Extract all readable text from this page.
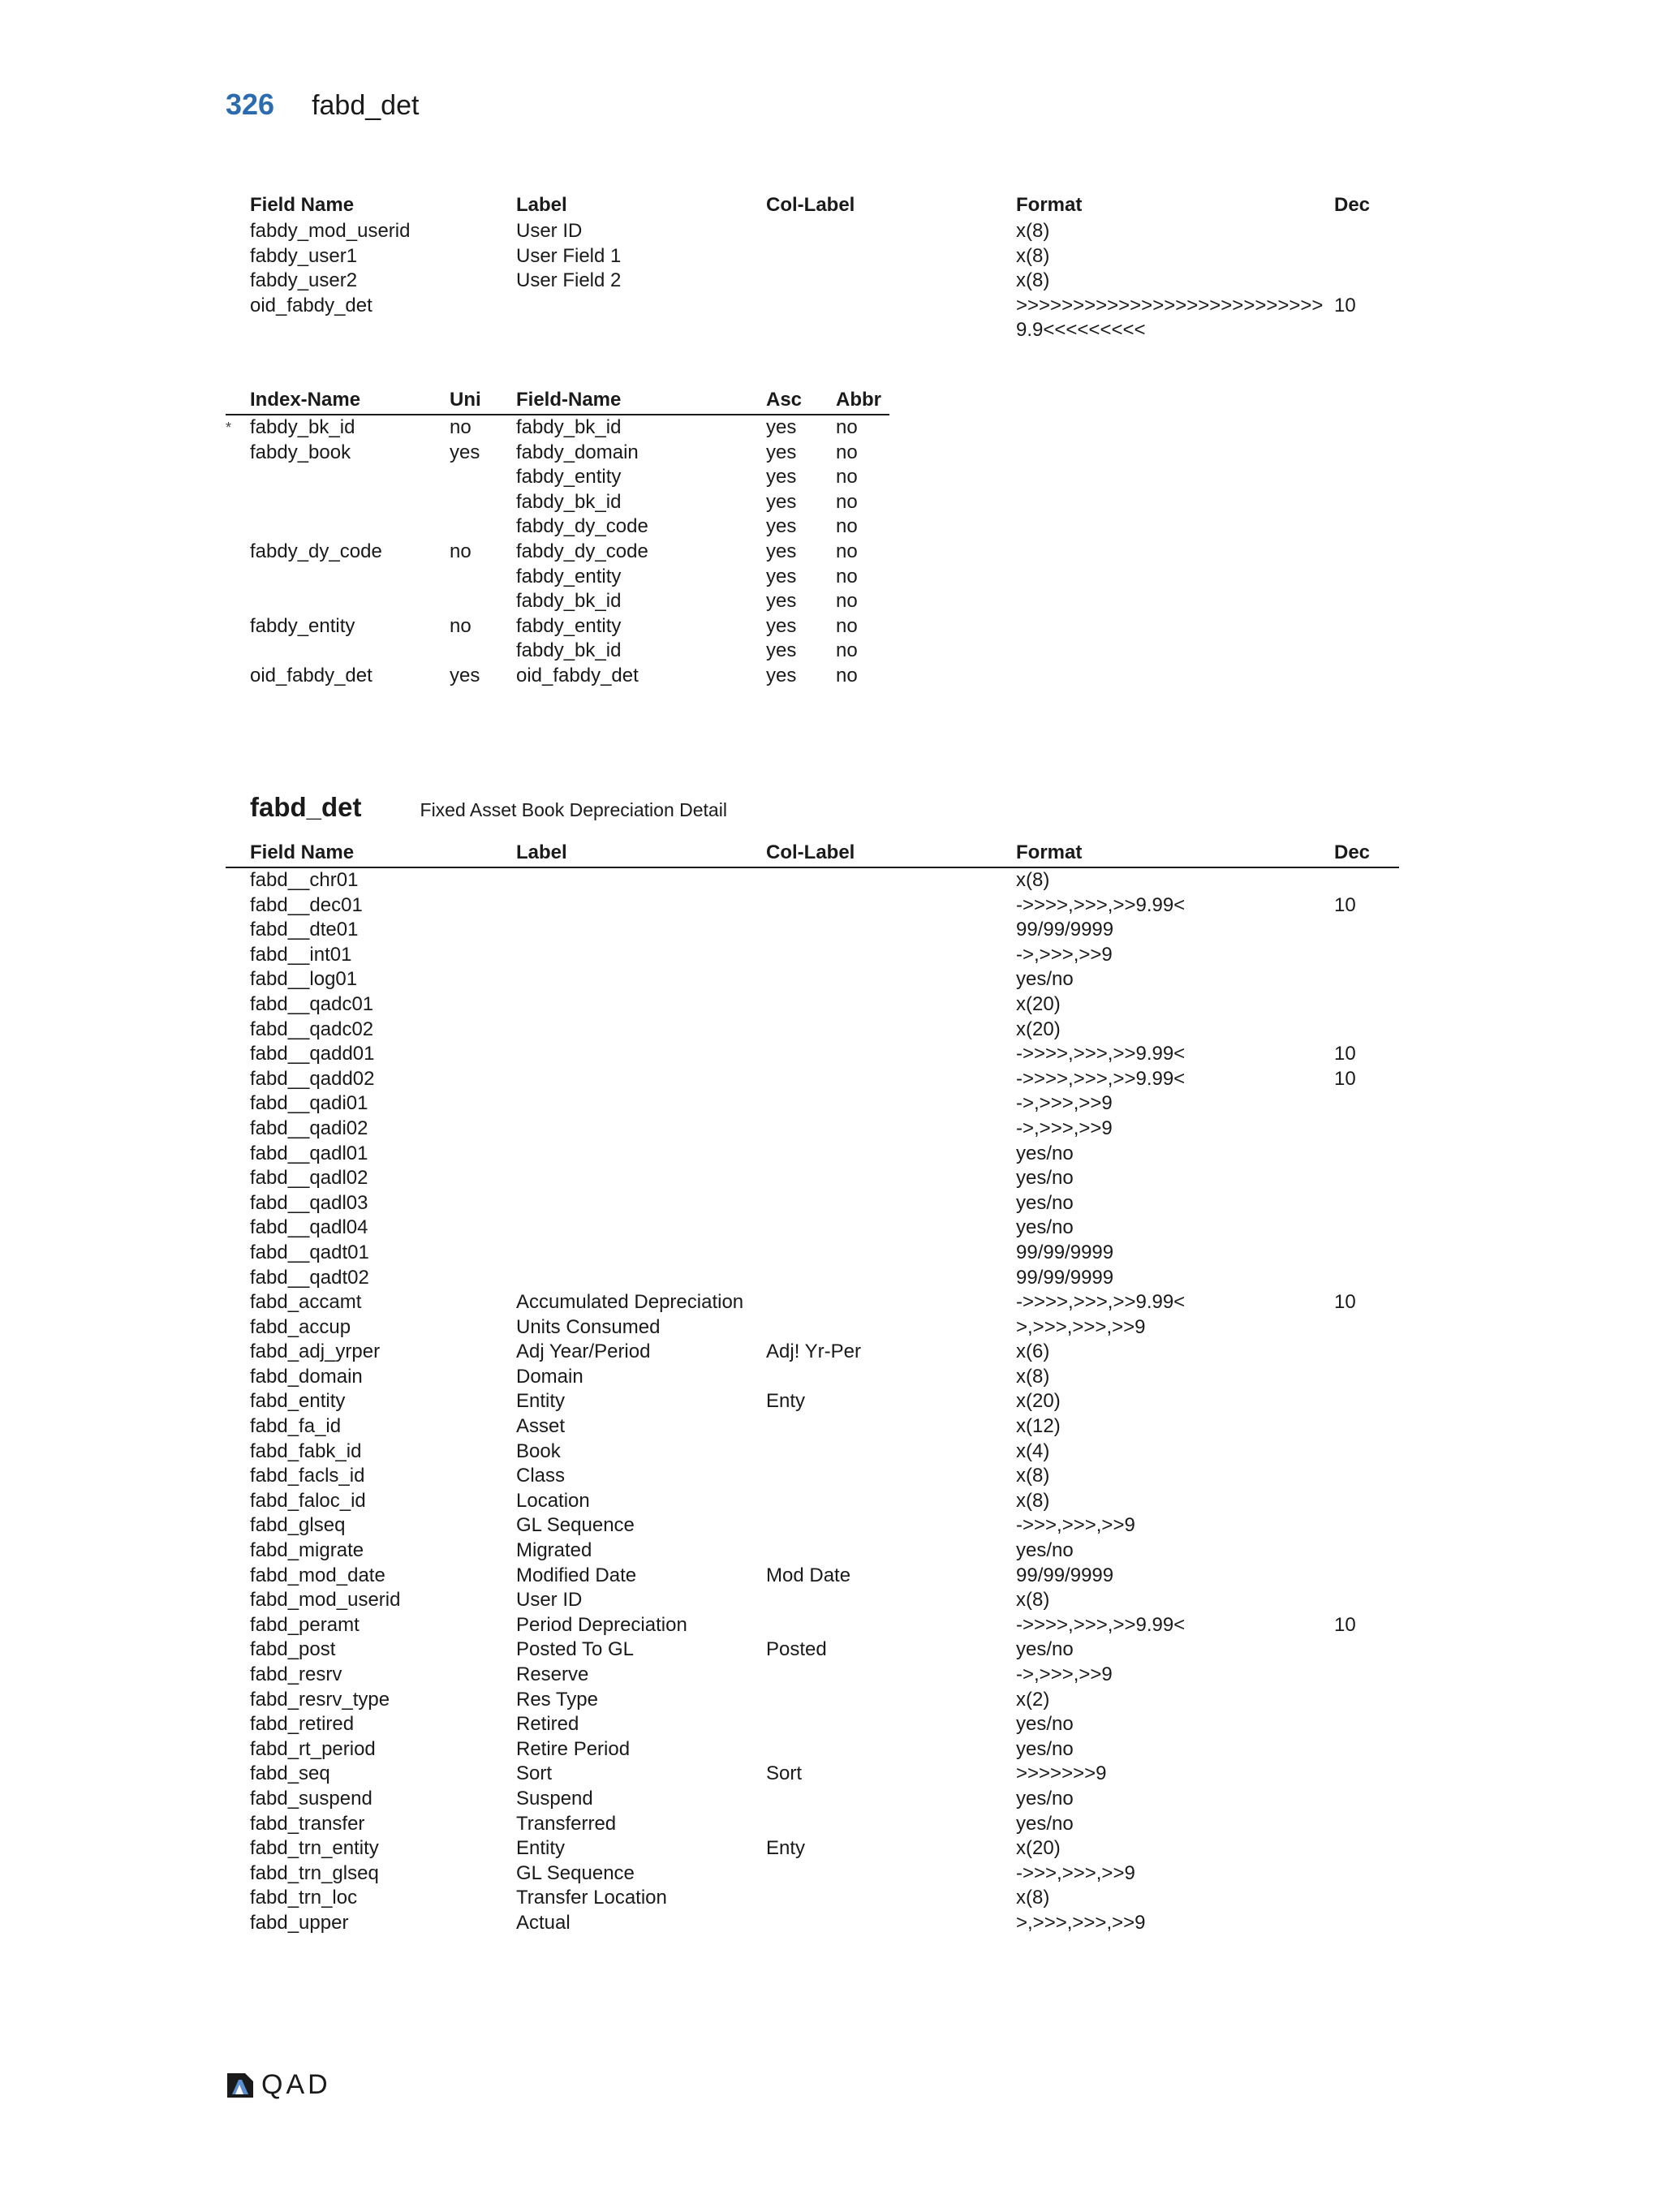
326 fabd_det
	Field Name	Label	Col-Label	Format	Dec
	fabdy_mod_userid	User ID		x(8)	
	fabdy_user1	User Field 1		x(8)	
	fabdy_user2	User Field 2		x(8)	
	oid_fabdy_det			>>>>>>>>>>>>>>>>>>>>>>>>>>>9.9<<<<<<<<<	10
	Index-Name	Uni	Field-Name	Asc	Abbr
*	fabdy_bk_id	no	fabdy_bk_id	yes	no
	fabdy_book	yes	fabdy_domain	yes	no
			fabdy_entity	yes	no
			fabdy_bk_id	yes	no
			fabdy_dy_code	yes	no
	fabdy_dy_code	no	fabdy_dy_code	yes	no
			fabdy_entity	yes	no
			fabdy_bk_id	yes	no
	fabdy_entity	no	fabdy_entity	yes	no
			fabdy_bk_id	yes	no
	oid_fabdy_det	yes	oid_fabdy_det	yes	no
fabd_det	Fixed Asset Book Depreciation Detail
	Field Name	Label	Col-Label	Format	Dec
	fabd__chr01			x(8)	
	fabd__dec01			->>>>,>>>,>>9.99<	10
	fabd__dte01			99/99/9999	
	fabd__int01			->,>>>,>>9	
	fabd__log01			yes/no	
	fabd__qadc01			x(20)	
	fabd__qadc02			x(20)	
	fabd__qadd01			->>>>,>>>,>>9.99<	10
	fabd__qadd02			->>>>,>>>,>>9.99<	10
	fabd__qadi01			->,>>>,>>9	
	fabd__qadi02			->,>>>,>>9	
	fabd__qadl01			yes/no	
	fabd__qadl02			yes/no	
	fabd__qadl03			yes/no	
	fabd__qadl04			yes/no	
	fabd__qadt01			99/99/9999	
	fabd__qadt02			99/99/9999	
	fabd_accamt	Accumulated Depreciation		->>>>,>>>,>>9.99<	10
	fabd_accup	Units Consumed		>,>>>,>>>,>>9	
	fabd_adj_yrper	Adj Year/Period	Adj! Yr-Per	x(6)	
	fabd_domain	Domain		x(8)	
	fabd_entity	Entity	Enty	x(20)	
	fabd_fa_id	Asset		x(12)	
	fabd_fabk_id	Book		x(4)	
	fabd_facls_id	Class		x(8)	
	fabd_faloc_id	Location		x(8)	
	fabd_glseq	GL Sequence		->>>,>>>,>>9	
	fabd_migrate	Migrated		yes/no	
	fabd_mod_date	Modified Date	Mod Date	99/99/9999	
	fabd_mod_userid	User ID		x(8)	
	fabd_peramt	Period Depreciation		->>>>,>>>,>>9.99<	10
	fabd_post	Posted To GL	Posted	yes/no	
	fabd_resrv	Reserve		->,>>>,>>9	
	fabd_resrv_type	Res Type		x(2)	
	fabd_retired	Retired		yes/no	
	fabd_rt_period	Retire Period		yes/no	
	fabd_seq	Sort	Sort	>>>>>>>9	
	fabd_suspend	Suspend		yes/no	
	fabd_transfer	Transferred		yes/no	
	fabd_trn_entity	Entity	Enty	x(20)	
	fabd_trn_glseq	GL Sequence		->>>,>>>,>>9	
	fabd_trn_loc	Transfer Location		x(8)	
	fabd_upper	Actual		>,>>>,>>>,>>9	
QAD
